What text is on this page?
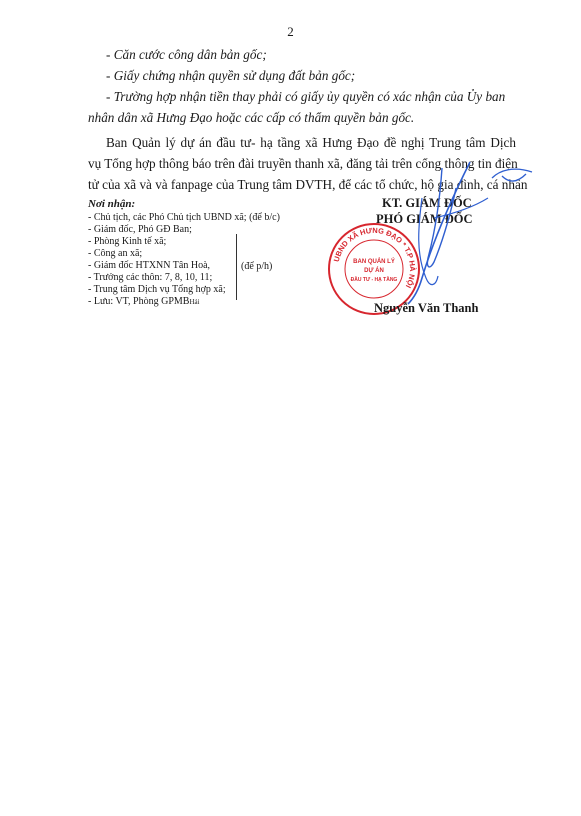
2
- Căn cước công dân bản gốc;
- Giấy chứng nhận quyền sử dụng đất bản gốc;
- Trường hợp nhận tiền thay phải có giấy ủy quyền có xác nhận của Ủy ban
nhân dân xã Hưng Đạo hoặc các cấp có thẩm quyền bản gốc.
Ban Quản lý dự án đầu tư- hạ tầng xã Hưng Đạo đề nghị Trung tâm Dịch
vụ Tổng hợp thông báo trên đài truyền thanh xã, đăng tải trên cổng thông tin điện
tử của xã và và fanpage của Trung tâm DVTH, để các tổ chức, hộ gia đình, cá nhân
Nơi nhận:
- Chủ tịch, các Phó Chủ tịch UBND xã; (để b/c)
- Giám đốc, Phó GĐ Ban;
- Phòng Kinh tế xã;
- Công an xã;
- Giám đốc HTXNN Tân Hoà,
- Trưởng các thôn: 7, 8, 10, 11;
- Trung tâm Dịch vụ Tổng hợp xã;
- Lưu: VT, Phòng GPMBHải
(để p/h)
KT. GIÁM ĐỐC
PHÓ GIÁM ĐỐC
UBND XÃ HƯNG ĐẠO * T.P HÀ NỘI
BAN QUẢN LÝ
DỰ ÁN
ĐẦU TƯ - HẠ TẦNG
Nguyễn Văn Thanh
